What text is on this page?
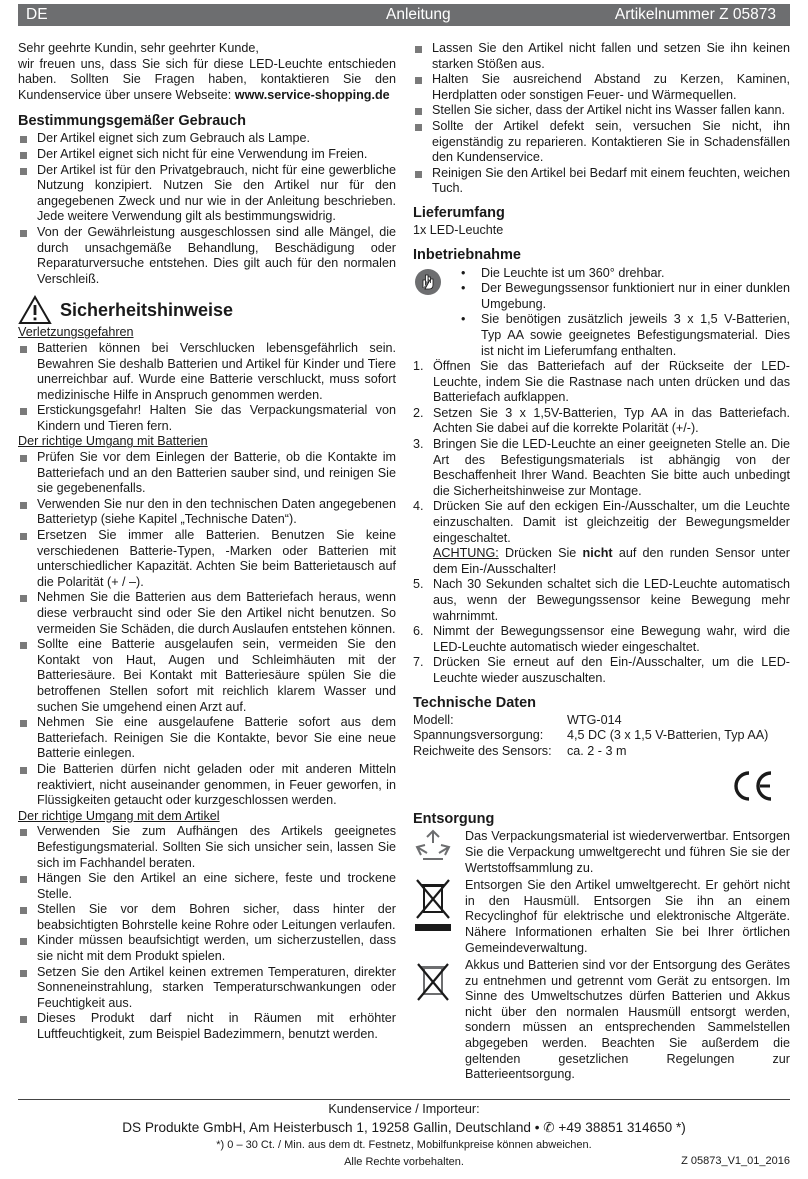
DE	Anleitung	Artikelnummer Z 05873

Sehr geehrte Kundin, sehr geehrter Kunde,

wir freuen uns, dass Sie sich für diese LED-Leuchte entschieden haben. Sollten Sie Fragen haben, kontaktieren Sie den Kundenservice über unsere Webseite: www.service-shopping.de

Bestimmungsgemäßer Gebrauch
Der Artikel eignet sich zum Gebrauch als Lampe.
Der Artikel eignet sich nicht für eine Verwendung im Freien.
Der Artikel ist für den Privatgebrauch, nicht für eine gewerbliche Nutzung konzipiert. Nutzen Sie den Artikel nur für den angegebenen Zweck und nur wie in der Anleitung beschrieben. Jede weitere Verwendung gilt als bestimmungswidrig.
Von der Gewährleistung ausgeschlossen sind alle Mängel, die durch unsachgemäße Behandlung, Beschädigung oder Reparaturversuche entstehen. Dies gilt auch für den normalen Verschleiß.
Sicherheitshinweise
Verletzungsgefahren
Batterien können bei Verschlucken lebensgefährlich sein. Bewahren Sie deshalb Batterien und Artikel für Kinder und Tiere unerreichbar auf. Wurde eine Batterie verschluckt, muss sofort medizinische Hilfe in Anspruch genommen werden.
Erstickungsgefahr! Halten Sie das Verpackungsmaterial von Kindern und Tieren fern.
Der richtige Umgang mit Batterien
Prüfen Sie vor dem Einlegen der Batterie, ob die Kontakte im Batteriefach und an den Batterien sauber sind, und reinigen Sie sie gegebenenfalls.
Verwenden Sie nur den in den technischen Daten angegebenen Batterietyp (siehe Kapitel „Technische Daten“).
Ersetzen Sie immer alle Batterien. Benutzen Sie keine verschiedenen Batterie-Typen, -Marken oder Batterien mit unterschiedlicher Kapazität. Achten Sie beim Batterietausch auf die Polarität (+ / –).
Nehmen Sie die Batterien aus dem Batteriefach heraus, wenn diese verbraucht sind oder Sie den Artikel nicht benutzen. So vermeiden Sie Schäden, die durch Auslaufen entstehen können.
Sollte eine Batterie ausgelaufen sein, vermeiden Sie den Kontakt von Haut, Augen und Schleimhäuten mit der Batteriesäure. Bei Kontakt mit Batteriesäure spülen Sie die betroffenen Stellen sofort mit reichlich klarem Wasser und suchen Sie umgehend einen Arzt auf.
Nehmen Sie eine ausgelaufene Batterie sofort aus dem Batteriefach. Reinigen Sie die Kontakte, bevor Sie eine neue Batterie einlegen.
Die Batterien dürfen nicht geladen oder mit anderen Mitteln reaktiviert, nicht auseinander genommen, in Feuer geworfen, in Flüssigkeiten getaucht oder kurzgeschlossen werden.
Der richtige Umgang mit dem Artikel
Verwenden Sie zum Aufhängen des Artikels geeignetes Befestigungsmaterial. Sollten Sie sich unsicher sein, lassen Sie sich im Fachhandel beraten.
Hängen Sie den Artikel an eine sichere, feste und trockene Stelle.
Stellen Sie vor dem Bohren sicher, dass hinter der beabsichtigten Bohrstelle keine Rohre oder Leitungen verlaufen.
Kinder müssen beaufsichtigt werden, um sicherzustellen, dass sie nicht mit dem Produkt spielen.
Setzen Sie den Artikel keinen extremen Temperaturen, direkter Sonneneinstrahlung, starken Temperaturschwankungen oder Feuchtigkeit aus.
Dieses Produkt darf nicht in Räumen mit erhöhter Luftfeuchtigkeit, zum Beispiel Badezimmern, benutzt werden.
Lassen Sie den Artikel nicht fallen und setzen Sie ihn keinen starken Stößen aus.
Halten Sie ausreichend Abstand zu Kerzen, Kaminen, Herdplatten oder sonstigen Feuer- und Wärmequellen.
Stellen Sie sicher, dass der Artikel nicht ins Wasser fallen kann.
Sollte der Artikel defekt sein, versuchen Sie nicht, ihn eigenständig zu reparieren. Kontaktieren Sie in Schadensfällen den Kundenservice.
Reinigen Sie den Artikel bei Bedarf mit einem feuchten, weichen Tuch.
Lieferumfang

1x LED-Leuchte

Inbetriebnahme
• Die Leuchte ist um 360° drehbar.
• Der Bewegungssensor funktioniert nur in einer dunklen Umgebung.
• Sie benötigen zusätzlich jeweils 3 x 1,5 V-Batterien, Typ AA sowie geeignetes Befestigungsmaterial. Dies ist nicht im Lieferumfang enthalten.
1. Öffnen Sie das Batteriefach auf der Rückseite der LED-Leuchte, indem Sie die Rastnase nach unten drücken und das Batteriefach aufklappen.
2. Setzen Sie 3 x 1,5V-Batterien, Typ AA in das Batteriefach. Achten Sie dabei auf die korrekte Polarität (+/-).
3. Bringen Sie die LED-Leuchte an einer geeigneten Stelle an. Die Art des Befestigungsmaterials ist abhängig von der Beschaffenheit Ihrer Wand. Beachten Sie bitte auch unbedingt die Sicherheitshinweise zur Montage.
4. Drücken Sie auf den eckigen Ein-/Ausschalter, um die Leuchte einzuschalten. Damit ist gleichzeitig der Bewegungsmelder eingeschaltet.
ACHTUNG: Drücken Sie nicht auf den runden Sensor unter dem Ein-/Ausschalter!
5. Nach 30 Sekunden schaltet sich die LED-Leuchte automatisch aus, wenn der Bewegungssensor keine Bewegung mehr wahrnimmt.
6. Nimmt der Bewegungssensor eine Bewegung wahr, wird die LED-Leuchte automatisch wieder eingeschaltet.
7. Drücken Sie erneut auf den Ein-/Ausschalter, um die LED-Leuchte wieder auszuschalten.
Technische Daten
Modell:	WTG-014
Spannungsversorgung:	4,5 DC (3 x 1,5 V-Batterien, Typ AA)
Reichweite des Sensors:	ca. 2 - 3 m
Entsorgung

Das Verpackungsmaterial ist wiederverwertbar. Entsorgen Sie die Verpackung umweltgerecht und führen Sie sie der Wertstoffsammlung zu.

Entsorgen Sie den Artikel umweltgerecht. Er gehört nicht in den Hausmüll. Entsorgen Sie ihn an einem Recyclinghof für elektrische und elektronische Altgeräte. Nähere Informationen erhalten Sie bei Ihrer örtlichen Gemeindeverwaltung.

Akkus und Batterien sind vor der Entsorgung des Gerätes zu entnehmen und getrennt vom Gerät zu entsorgen. Im Sinne des Umweltschutzes dürfen Batterien und Akkus nicht über den normalen Hausmüll entsorgt werden, sondern müssen an entsprechenden Sammelstellen abgegeben werden. Beachten Sie außerdem die geltenden gesetzlichen Regelungen zur Batterieentsorgung.

Kundenservice / Importeur:
DS Produkte GmbH, Am Heisterbusch 1, 19258 Gallin, Deutschland • ✆ +49 38851 314650 *)
*) 0 – 30 Ct. / Min. aus dem dt. Festnetz, Mobilfunkpreise können abweichen.
Alle Rechte vorbehalten.	Z 05873_V1_01_2016
